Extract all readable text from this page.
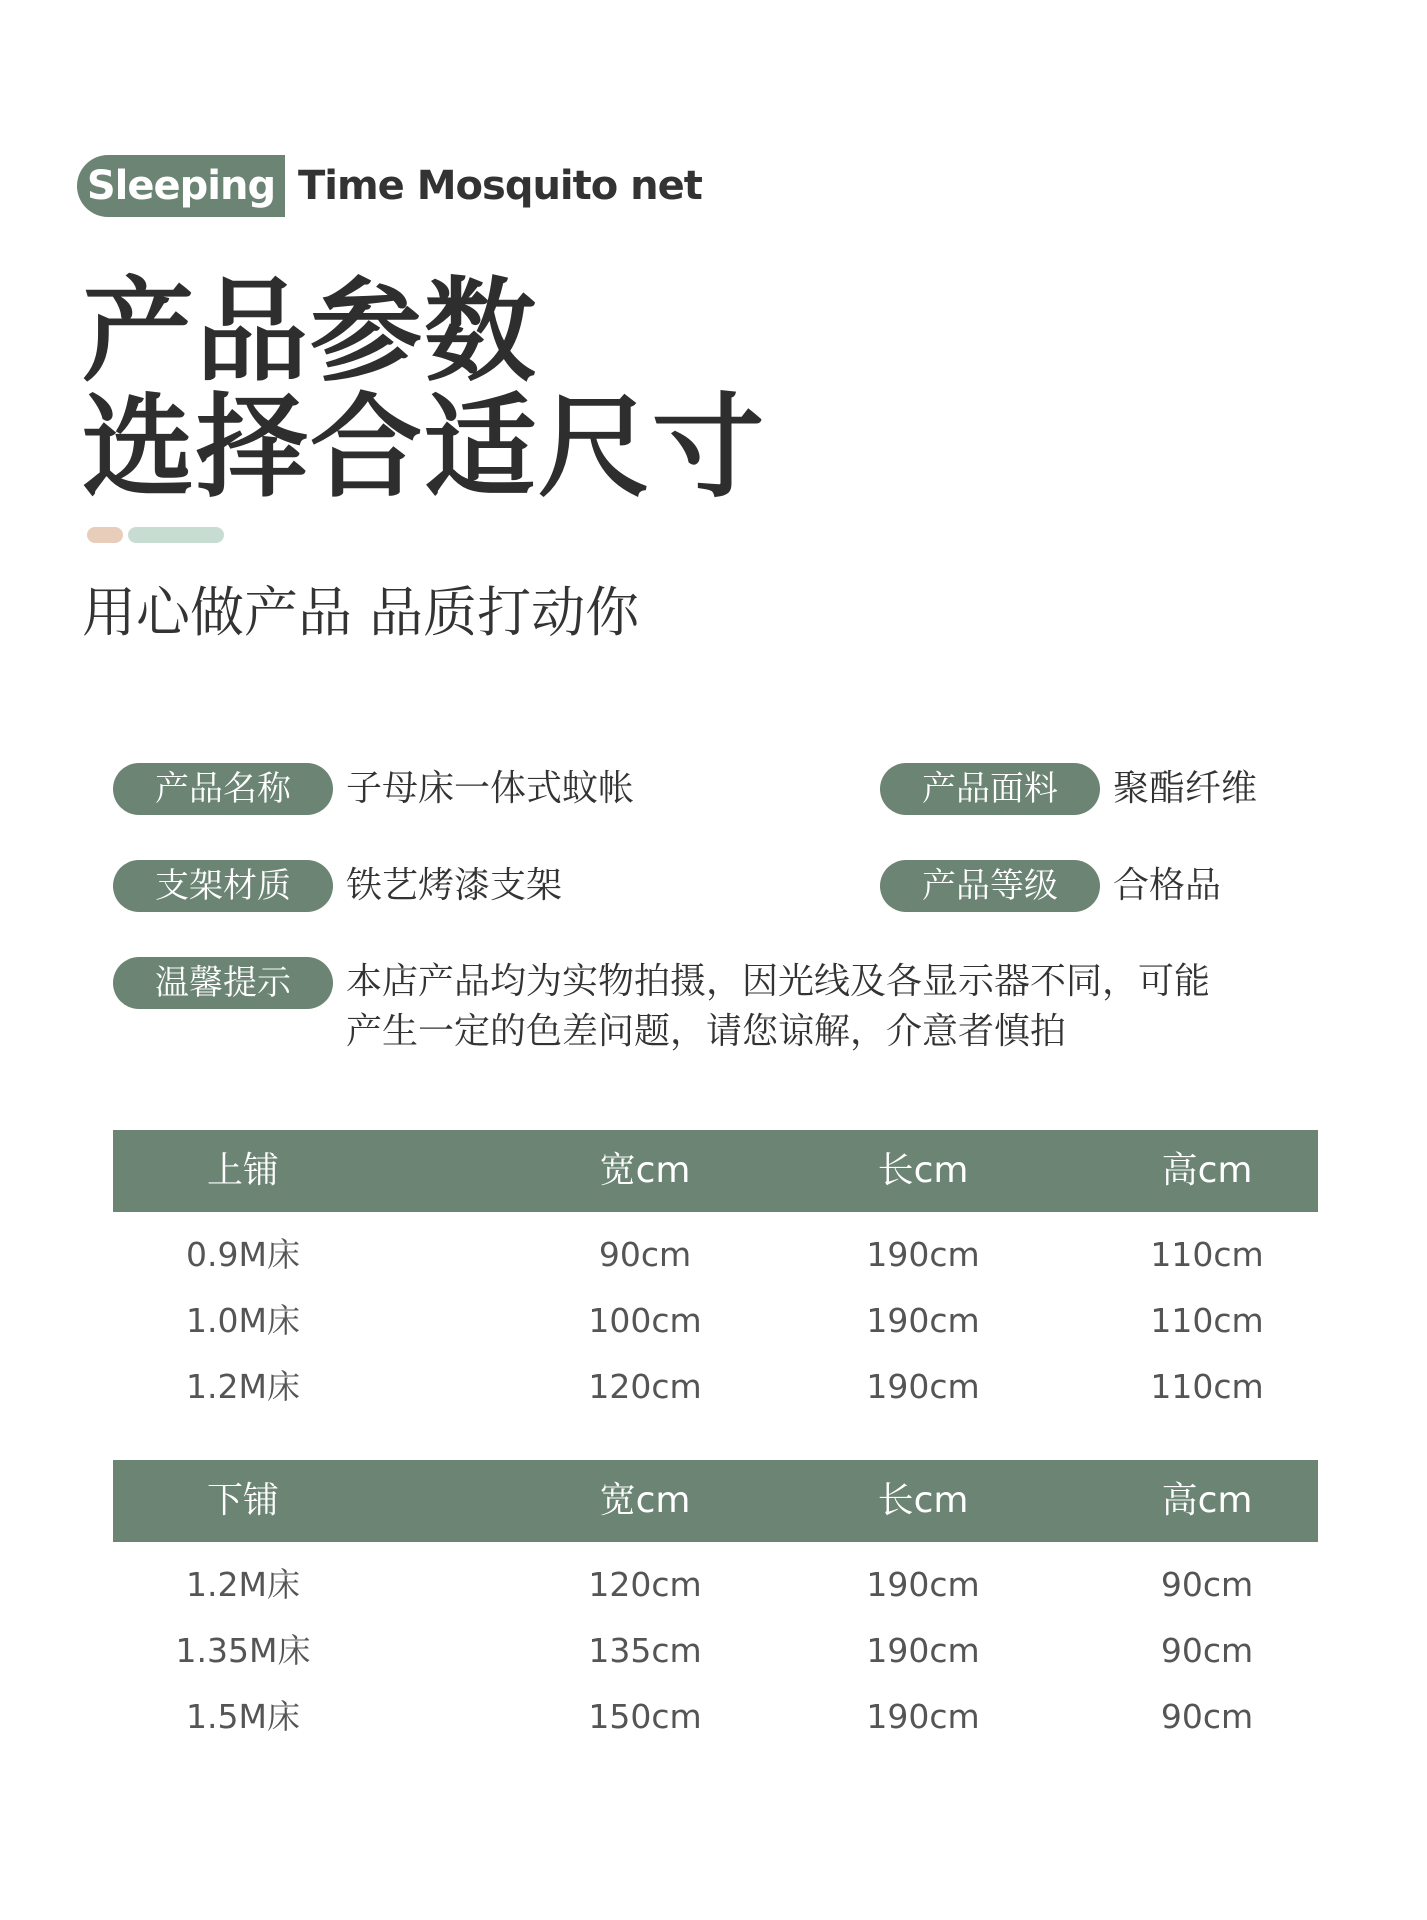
Sleeping Time Mosquito net
产品参数
选择合适尺寸
用心做产品 品质打动你
产品名称	子母床一体式蚊帐	产品面料	聚酯纤维
支架材质	铁艺烤漆支架	产品等级	合格品
温馨提示	本店产品均为实物拍摄，因光线及各显示器不同，可能
产生一定的色差问题，请您谅解，介意者慎拍
上铺	宽cm	长cm	高cm
0.9M床	90cm	190cm	110cm
1.0M床	100cm	190cm	110cm
1.2M床	120cm	190cm	110cm
下铺	宽cm	长cm	高cm
1.2M床	120cm	190cm	90cm
1.35M床	135cm	190cm	90cm
1.5M床	150cm	190cm	90cm
